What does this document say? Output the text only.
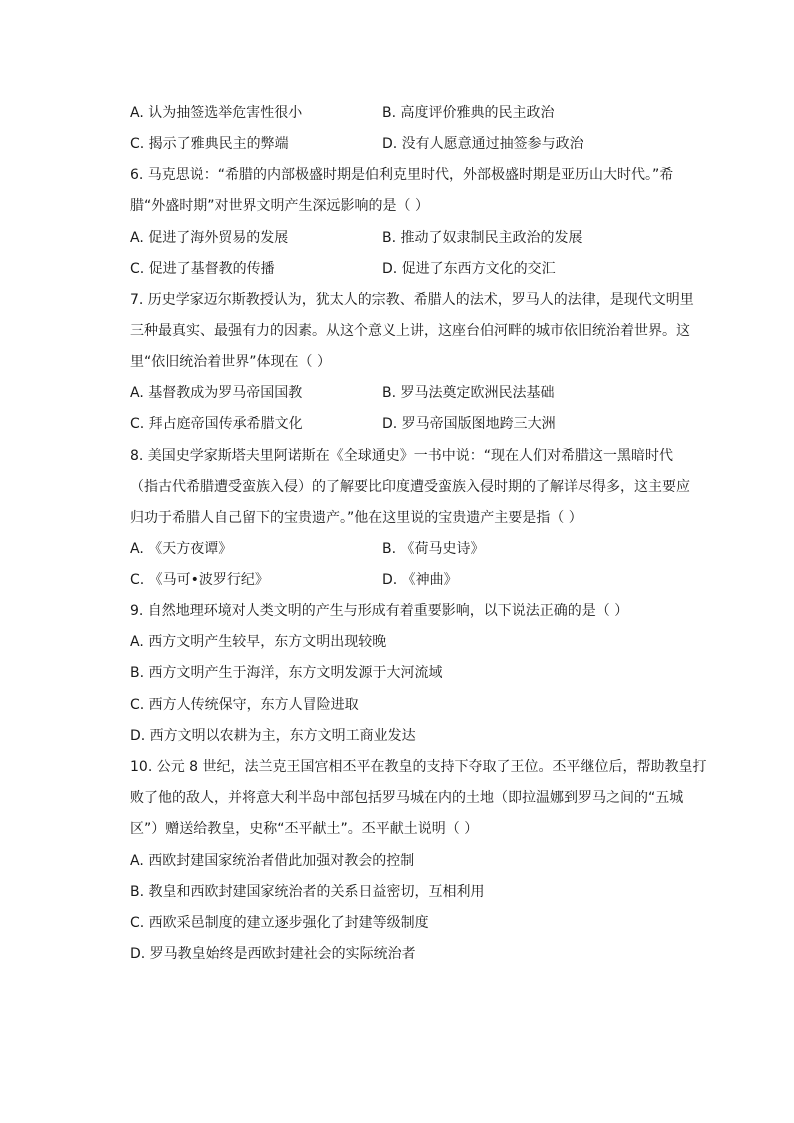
A. 认为抽签选举危害性很小	B. 高度评价雅典的民主政治
C. 揭示了雅典民主的弊端	D. 没有人愿意通过抽签参与政治
6. 马克思说：“希腊的内部极盛时期是伯利克里时代，外部极盛时期是亚历山大时代。”希
腊“外盛时期”对世界文明产生深远影响的是（ ）
A. 促进了海外贸易的发展	B. 推动了奴隶制民主政治的发展
C. 促进了基督教的传播	D. 促进了东西方文化的交汇
7. 历史学家迈尔斯教授认为，犹太人的宗教、希腊人的法术，罗马人的法律，是现代文明里
三种最真实、最强有力的因素。从这个意义上讲，这座台伯河畔的城市依旧统治着世界。这
里“依旧统治着世界”体现在（ ）
A. 基督教成为罗马帝国国教	B. 罗马法奠定欧洲民法基础
C. 拜占庭帝国传承希腊文化	D. 罗马帝国版图地跨三大洲
8. 美国史学家斯塔夫里阿诺斯在《全球通史》一书中说：“现在人们对希腊这一黑暗时代
（指古代希腊遭受蛮族入侵）的了解要比印度遭受蛮族入侵时期的了解详尽得多，这主要应
归功于希腊人自己留下的宝贵遗产。”他在这里说的宝贵遗产主要是指（ ）
A. 《天方夜谭》	B. 《荷马史诗》
C. 《马可•波罗行纪》	D. 《神曲》
9. 自然地理环境对人类文明的产生与形成有着重要影响，以下说法正确的是（ ）
A. 西方文明产生较早，东方文明出现较晚
B. 西方文明产生于海洋，东方文明发源于大河流域
C. 西方人传统保守，东方人冒险进取
D. 西方文明以农耕为主，东方文明工商业发达
10. 公元 8 世纪，法兰克王国宫相丕平在教皇的支持下夺取了王位。丕平继位后，帮助教皇打
败了他的敌人，并将意大利半岛中部包括罗马城在内的土地（即拉温娜到罗马之间的“五城
区”）赠送给教皇，史称“丕平献土”。丕平献土说明（ ）
A. 西欧封建国家统治者借此加强对教会的控制
B. 教皇和西欧封建国家统治者的关系日益密切，互相利用
C. 西欧采邑制度的建立逐步强化了封建等级制度
D. 罗马教皇始终是西欧封建社会的实际统治者
